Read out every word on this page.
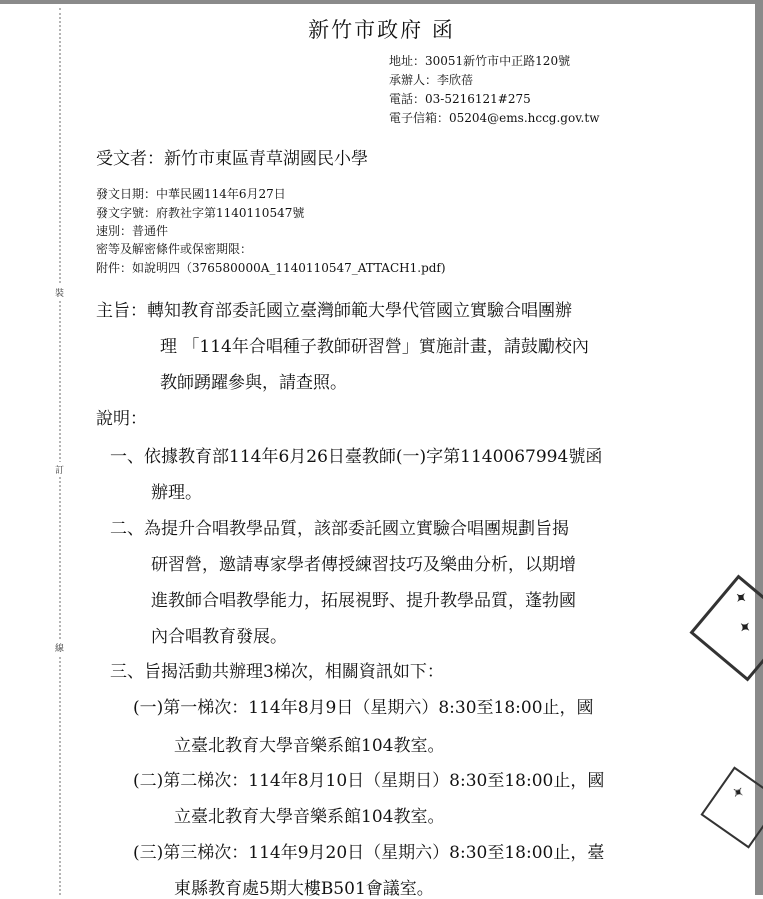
裝
訂
線
新竹市政府 函
地址：30051新竹市中正路120號
承辦人：李欣蓓
電話：03-5216121#275
電子信箱：05204@ems.hccg.gov.tw
受文者：新竹市東區青草湖國民小學
發文日期：中華民國114年6月27日
發文字號：府教社字第1140110547號
速別：普通件
密等及解密條件或保密期限：
附件：如說明四（376580000A_1140110547_ATTACH1.pdf)
主旨：轉知教育部委託國立臺灣師範大學代管國立實驗合唱團辦
理 「114年合唱種子教師研習營」實施計畫，請鼓勵校內
教師踴躍參與，請查照。
說明：
一、依據教育部114年6月26日臺教師(一)字第1140067994號函
辦理。
二、為提升合唱教學品質，該部委託國立實驗合唱團規劃旨揭
研習營，邀請專家學者傳授練習技巧及樂曲分析，以期增
進教師合唱教學能力，拓展視野、提升教學品質，蓬勃國
內合唱教育發展。
三、旨揭活動共辦理3梯次，相關資訊如下：
(一)第一梯次：114年8月9日（星期六）8:30至18:00止，國
立臺北教育大學音樂系館104教室。
(二)第二梯次：114年8月10日（星期日）8:30至18:00止，國
立臺北教育大學音樂系館104教室。
(三)第三梯次：114年9月20日（星期六）8:30至18:00止，臺
東縣教育處5期大樓B501會議室。
✦
✦
✦
